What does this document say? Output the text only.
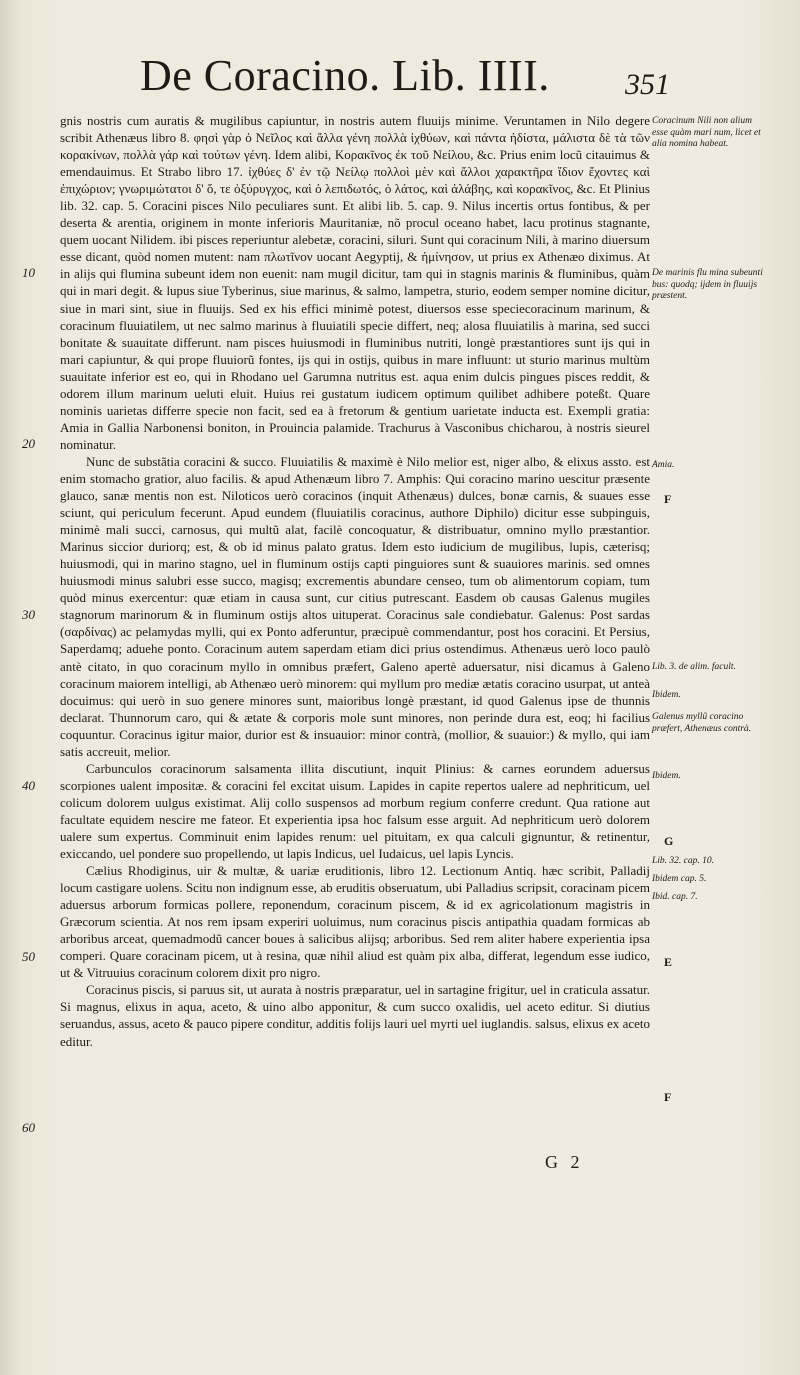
De Coracino. Lib. IIII.	351

gnis nostris cum auratis & mugilibus capiuntur, in nostris autem fluuijs minime. Veruntamen in Nilo degere scribit Athenæus libro 8. φησὶ γὰρ ὁ Νεῖλος καὶ ἄλλα γένη πολλὰ ἰχθύων, καὶ πάντα ἡδίστα, μάλιστα δὲ τὰ τῶν κορακίνων, πολλὰ γάρ καὶ τούτων γένη. Idem alibi, Κορακῖνος ἐκ τοῦ Νείλου, &c. Prius enim locũ citauimus & emendauimus. Et Strabo libro 17. ἰχθύες δ' ἐν τῷ Νείλῳ πολλοὶ μὲν καὶ ἄλλοι χαρακτῆρα ἴδιον ἔχοντες καὶ ἐπιχώριον; γνωριμώτατοι δ' ὅ, τε ὀξύρυγχος, καὶ ὁ λεπιδωτός, ὁ λάτος, καὶ ἀλάβης, καὶ κορακῖνος, &c. Et Plinius lib. 32. cap. 5. Coracini pisces Nilo peculiares sunt. Et alibi lib. 5. cap. 9. Nilus incertis ortus fontibus, & per deserta & arentia, originem in monte inferioris Mauritaniæ, nõ procul oceano habet, lacu protinus stagnante, quem uocant Nilidem. ibi pisces reperiuntur alebetæ, coracini, siluri. Sunt qui coracinum Nili, à marino diuersum esse dicant, quòd nomen mutent: nam πλωτῖνον uocant Aegyptij, & ἡμίνησον, ut prius ex Athenæo diximus. At in alijs qui flumina subeunt idem non euenit: nam mugil dicitur, tam qui in stagnis marinis & fluminibus, quàm qui in mari degit. & lupus siue Tyberinus, siue marinus, & salmo, lampetra, sturio, eodem semper nomine dicitur, siue in mari sint, siue in fluuijs. Sed ex his effici minimè potest, diuersos esse speciecoracinum marinum, & coracinum fluuiatilem, ut nec salmo marinus à fluuiatili specie differt, neq; alosa fluuiatilis à marina, sed succi bonitate & suauitate differunt. nam pisces huiusmodi in fluminibus nutriti, longè præstantiores sunt ijs qui in mari capiuntur, & qui prope fluuiorũ fontes, ijs qui in ostijs, quibus in mare influunt: ut sturio marinus multùm suauitate inferior est eo, qui in Rhodano uel Garumna nutritus est. aqua enim dulcis pingues pisces reddit, & odorem illum marinum ueluti eluit. Huius rei gustatum iudicem optimum quilibet adhibere poteßt. Quare nominis uarietas differre specie non facit, sed ea à fretorum & gentium uarietate inducta est. Exempli gratia: Amia in Gallia Narbonensi boniton, in Prouincia palamide. Trachurus à Vasconibus chicharou, à nostris sieurel nominatur.

Nunc de substãtia coracini & succo. Fluuiatilis & maximè è Nilo melior est, niger albo, & elixus assto. est enim stomacho gratior, aluo facilis. & apud Athenæum libro 7. Amphis: Qui coracino marino uescitur præsente glauco, sanæ mentis non est. Niloticos uerò coracinos (inquit Athenæus) dulces, bonæ carnis, & suaues esse sciunt, qui periculum fecerunt. Apud eundem (fluuiatilis coracinus, authore Diphilo) dicitur esse subpinguis, minimè mali succi, carnosus, qui multũ alat, facilè concoquatur, & distribuatur, omnino myllo præstantior. Marinus siccior duriorq; est, & ob id minus palato gratus. Idem esto iudicium de mugilibus, lupis, cæterisq; huiusmodi, qui in marino stagno, uel in fluminum ostijs capti pinguiores sunt & suauiores marinis. sed omnes huiusmodi minus salubri esse succo, magisq; excrementis abundare censeo, tum ob alimentorum copiam, tum quòd minus exercentur: quæ etiam in causa sunt, cur citius putrescant. Easdem ob causas Galenus mugiles stagnorum marinorum & in fluminum ostijs altos uituperat. Coracinus sale condiebatur. Galenus: Post sardas (σαρδίνας) ac pelamydas mylli, qui ex Ponto adferuntur, præcipuè commendantur, post hos coracini. Et Persius, Saperdamq; aduehe ponto. Coracinum autem saperdam etiam dici prius ostendimus. Athenæus uerò loco paulò antè citato, in quo coracinum myllo in omnibus præfert, Galeno apertè aduersatur, nisi dicamus à Galeno coracinum maiorem intelligi, ab Athenæo uerò minorem: qui myllum pro mediæ ætatis coracino usurpat, ut anteà docuimus: qui uerò in suo genere minores sunt, maioribus longè præstant, id quod Galenus ipse de thunnis declarat. Thunnorum caro, qui & ætate & corporis mole sunt minores, non perinde dura est, eoq; hi facilius coquuntur. Coracinus igitur maior, durior est & insuauior: minor contrà, (mollior, & suauior:) & myllo, qui iam satis accreuit, melior.

Carbunculos coracinorum salsamenta illita discutiunt, inquit Plinius: & carnes eorundem aduersus scorpiones ualent impositæ. & coracini fel excitat uisum. Lapides in capite repertos ualere ad nephriticum, uel colicum dolorem uulgus existimat. Alij collo suspensos ad morbum regium conferre credunt. Qua ratione aut facultate equidem nescire me fateor. Et experientia ipsa hoc falsum esse arguit. Ad nephriticum uerò dolorem ualere sum expertus. Comminuit enim lapides renum: uel pituitam, ex qua calculi gignuntur, & retinentur, exiccando, uel pondere suo propellendo, ut lapis Indicus, uel Iudaicus, uel lapis Lyncis.

Cælius Rhodiginus, uir & multæ, & uariæ eruditionis, libro 12. Lectionum Antiq. hæc scribit, Palladij locum castigare uolens. Scitu non indignum esse, ab eruditis obseruatum, ubi Palladius scripsit, coracinam picem aduersus arborum formicas pollere, reponendum, coracinum piscem, & id ex agricolationum magistris in Græcorum scientia. At nos rem ipsam experiri uoluimus, num coracinus piscis antipathia quadam formicas ab arboribus arceat, quemadmodũ cancer boues à salicibus alijsq; arboribus. Sed rem aliter habere experientia ipsa comperi. Quare coracinam picem, ut à resina, quæ nihil aliud est quàm pix alba, differat, legendum esse iudico, ut & Vitruuius coracinum colorem dixit pro nigro.

Coracinus piscis, si paruus sit, ut aurata à nostris præparatur, uel in sartagine frigitur, uel in craticula assatur. Si magnus, elixus in aqua, aceto, & uino albo apponitur, & cum succo oxalidis, uel aceto editur. Si diutius seruandus, assus, aceto & pauco pipere conditur, additis folijs lauri uel myrti uel iuglandis. salsus, elixus ex aceto editur.

10
20
30
40
50
60
Coracinum Nili non alium esse quàm mari num, licet et alia nomina habeat.
De marinis flu mina subeunti bus: quodq; ijdem in fluuijs præstent.
Amia.
Lib. 3. de alim. facult.
Ibidem.
Galenus myllũ coracino præfert, Athenæus contrà.
Ibidem.
Lib. 32. cap. 10.
Ibidem cap. 5.
Ibid. cap. 7.
F
G
E
F
G 2
